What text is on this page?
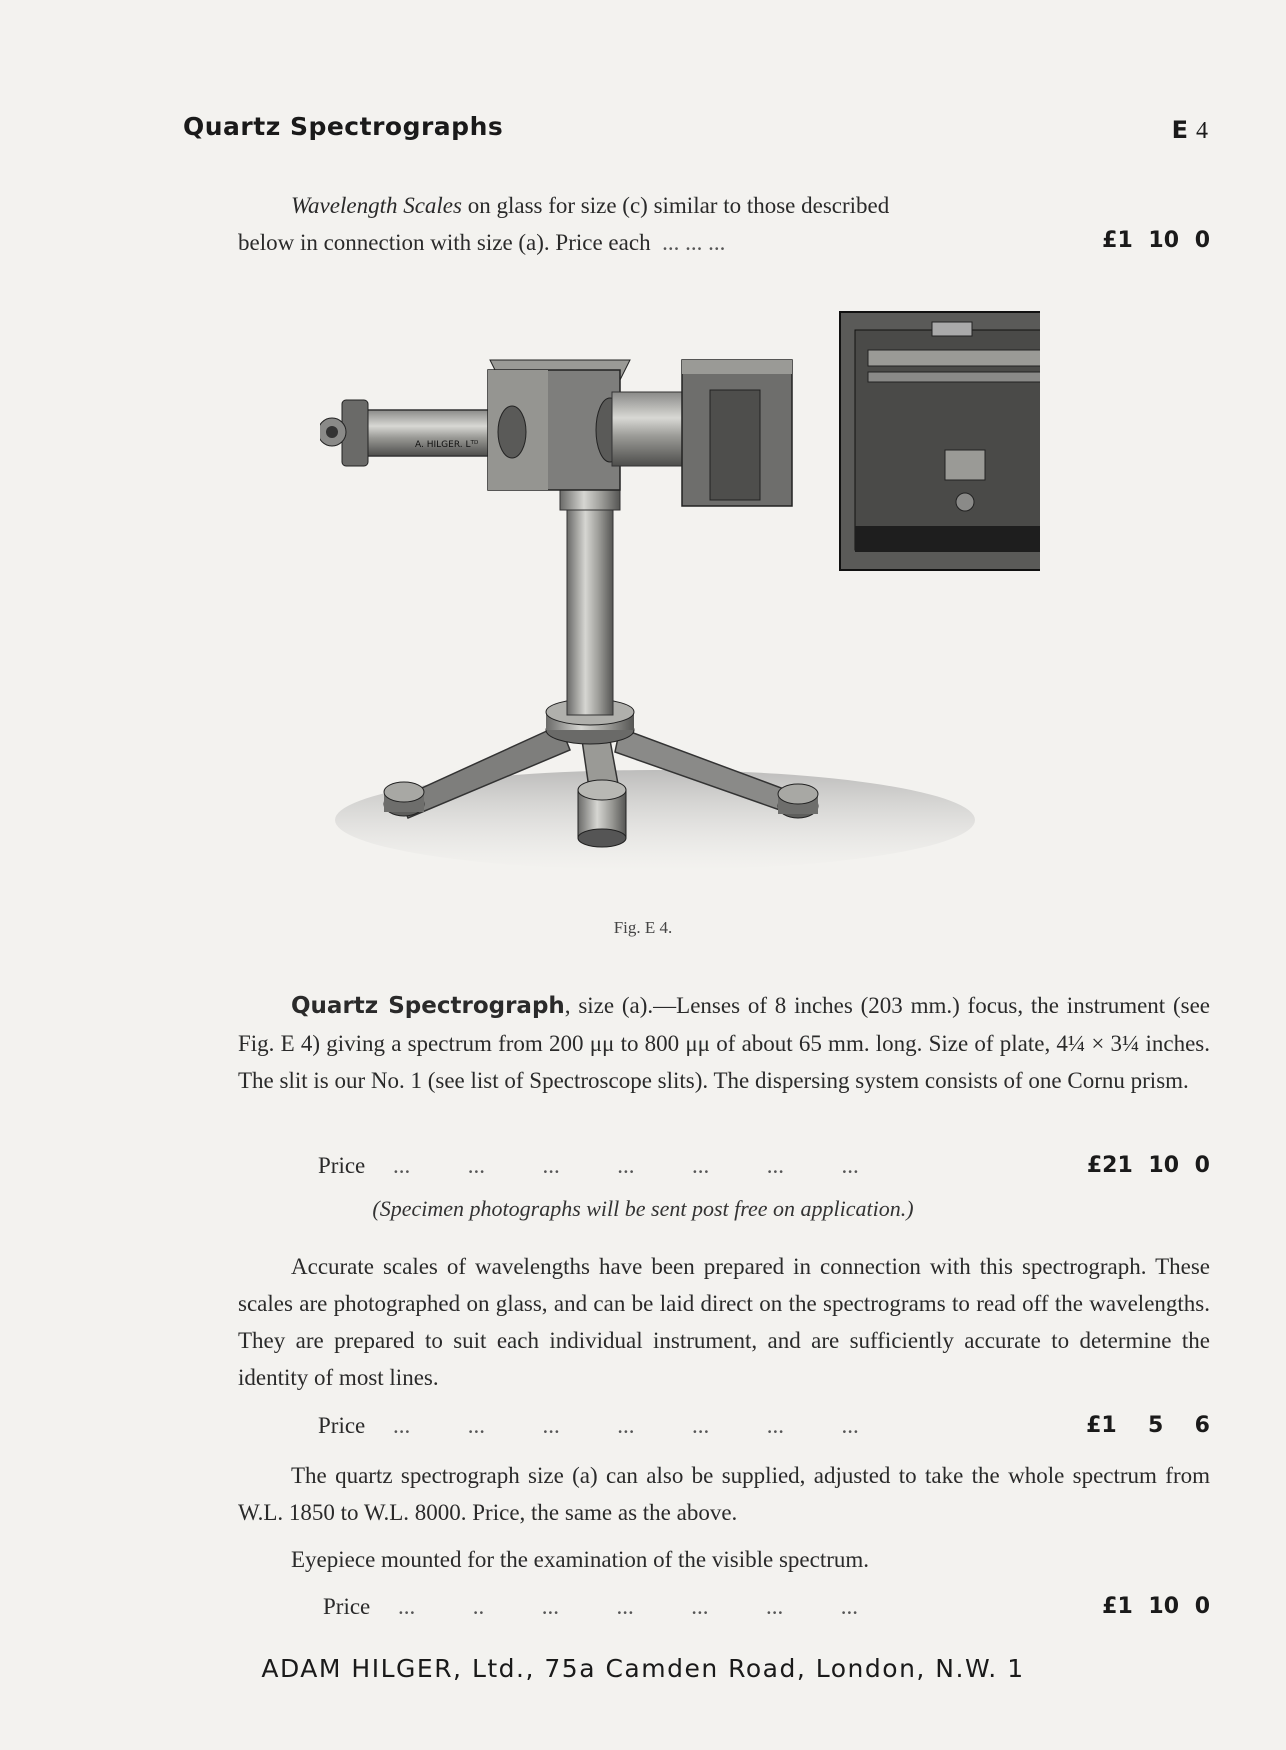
Quartz Spectrographs	E 4
Wavelength Scales on glass for size (c) similar to those described
below in connection with size (a). Price each ... ... ...	£1 10 0
A. HILGER. Lᵀᴰ
Fig. E 4.
Quartz Spectrograph, size (a).—Lenses of 8 inches (203 mm.) focus, the instrument (see Fig. E 4) giving a spectrum from 200 μμ to 800 μμ of about 65 mm. long. Size of plate, 4¼ × 3¼ inches. The slit is our No. 1 (see list of Spectroscope slits). The dispersing system consists of one Cornu prism.
Price ...          ...          ...          ...          ...          ...          ...	£21 10 0
(Specimen photographs will be sent post free on application.)
Accurate scales of wavelengths have been prepared in connection with this spectrograph. These scales are photographed on glass, and can be laid direct on the spectrograms to read off the wavelengths. They are prepared to suit each individual instrument, and are sufficiently accurate to determine the identity of most lines.
Price ...          ...          ...          ...          ...          ...          ...	£1  5  6
The quartz spectrograph size (a) can also be supplied, adjusted to take the whole spectrum from W.L. 1850 to W.L. 8000. Price, the same as the above.
Eyepiece mounted for the examination of the visible spectrum.
Price ...          ..          ...          ...          ...          ...          ...	£1 10 0
ADAM HILGER, Ltd., 75a Camden Road, London, N.W. 1
